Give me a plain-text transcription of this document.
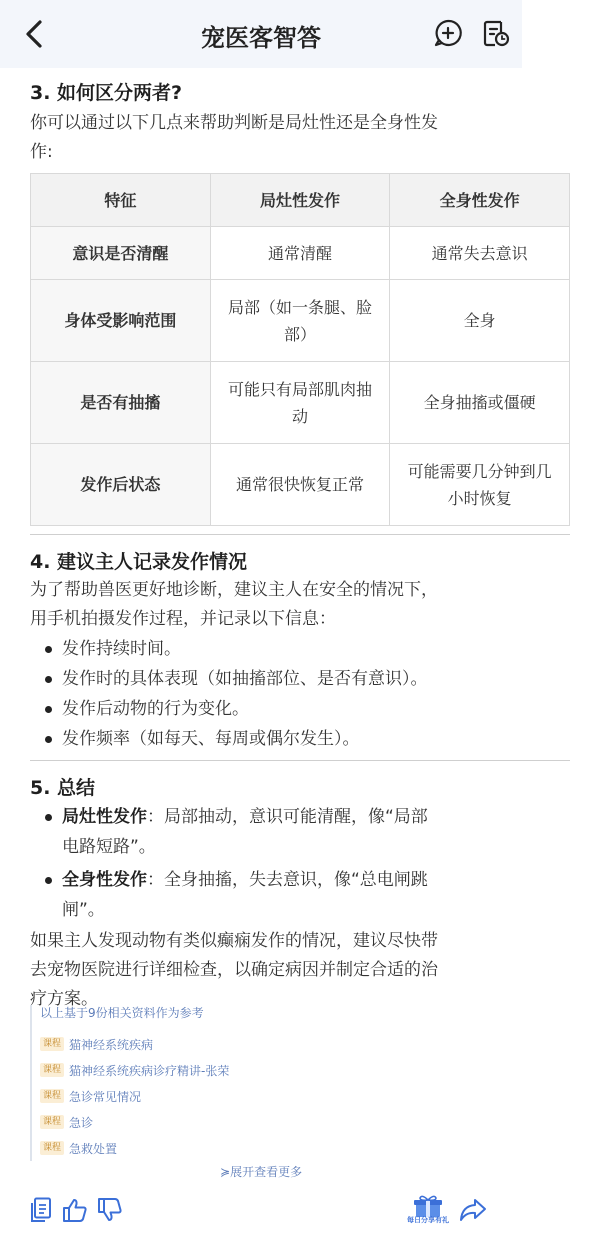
宠医客智答
3. 如何区分两者?

你可以通过以下几点来帮助判断是局灶性还是全身性发
作:

特征	局灶性发作	全身性发作
意识是否清醒	通常清醒	通常失去意识
身体受影响范围	局部（如一条腿、脸部）	全身
是否有抽搐	可能只有局部肌肉抽动	全身抽搐或僵硬
发作后状态	通常很快恢复正常	可能需要几分钟到几小时恢复
4. 建议主人记录发作情况

为了帮助兽医更好地诊断，建议主人在安全的情况下，
用手机拍摄发作过程，并记录以下信息：

发作持续时间。
发作时的具体表现（如抽搐部位、是否有意识）。
发作后动物的行为变化。
发作频率（如每天、每周或偶尔发生）。
5. 总结
局灶性发作：局部抽动，意识可能清醒，像“局部
电路短路”。
全身性发作：全身抽搐，失去意识，像“总电闸跳
闸”。

如果主人发现动物有类似癫痫发作的情况，建议尽快带
去宠物医院进行详细检查，以确定病因并制定合适的治
疗方案。

以上基于9份相关资料作为参考
课程 猫神经系统疾病
课程 猫神经系统疾病诊疗精讲-张荣
课程 急诊常见情况
课程 急诊
课程 急救处置
≽展开查看更多
每日分享有礼
